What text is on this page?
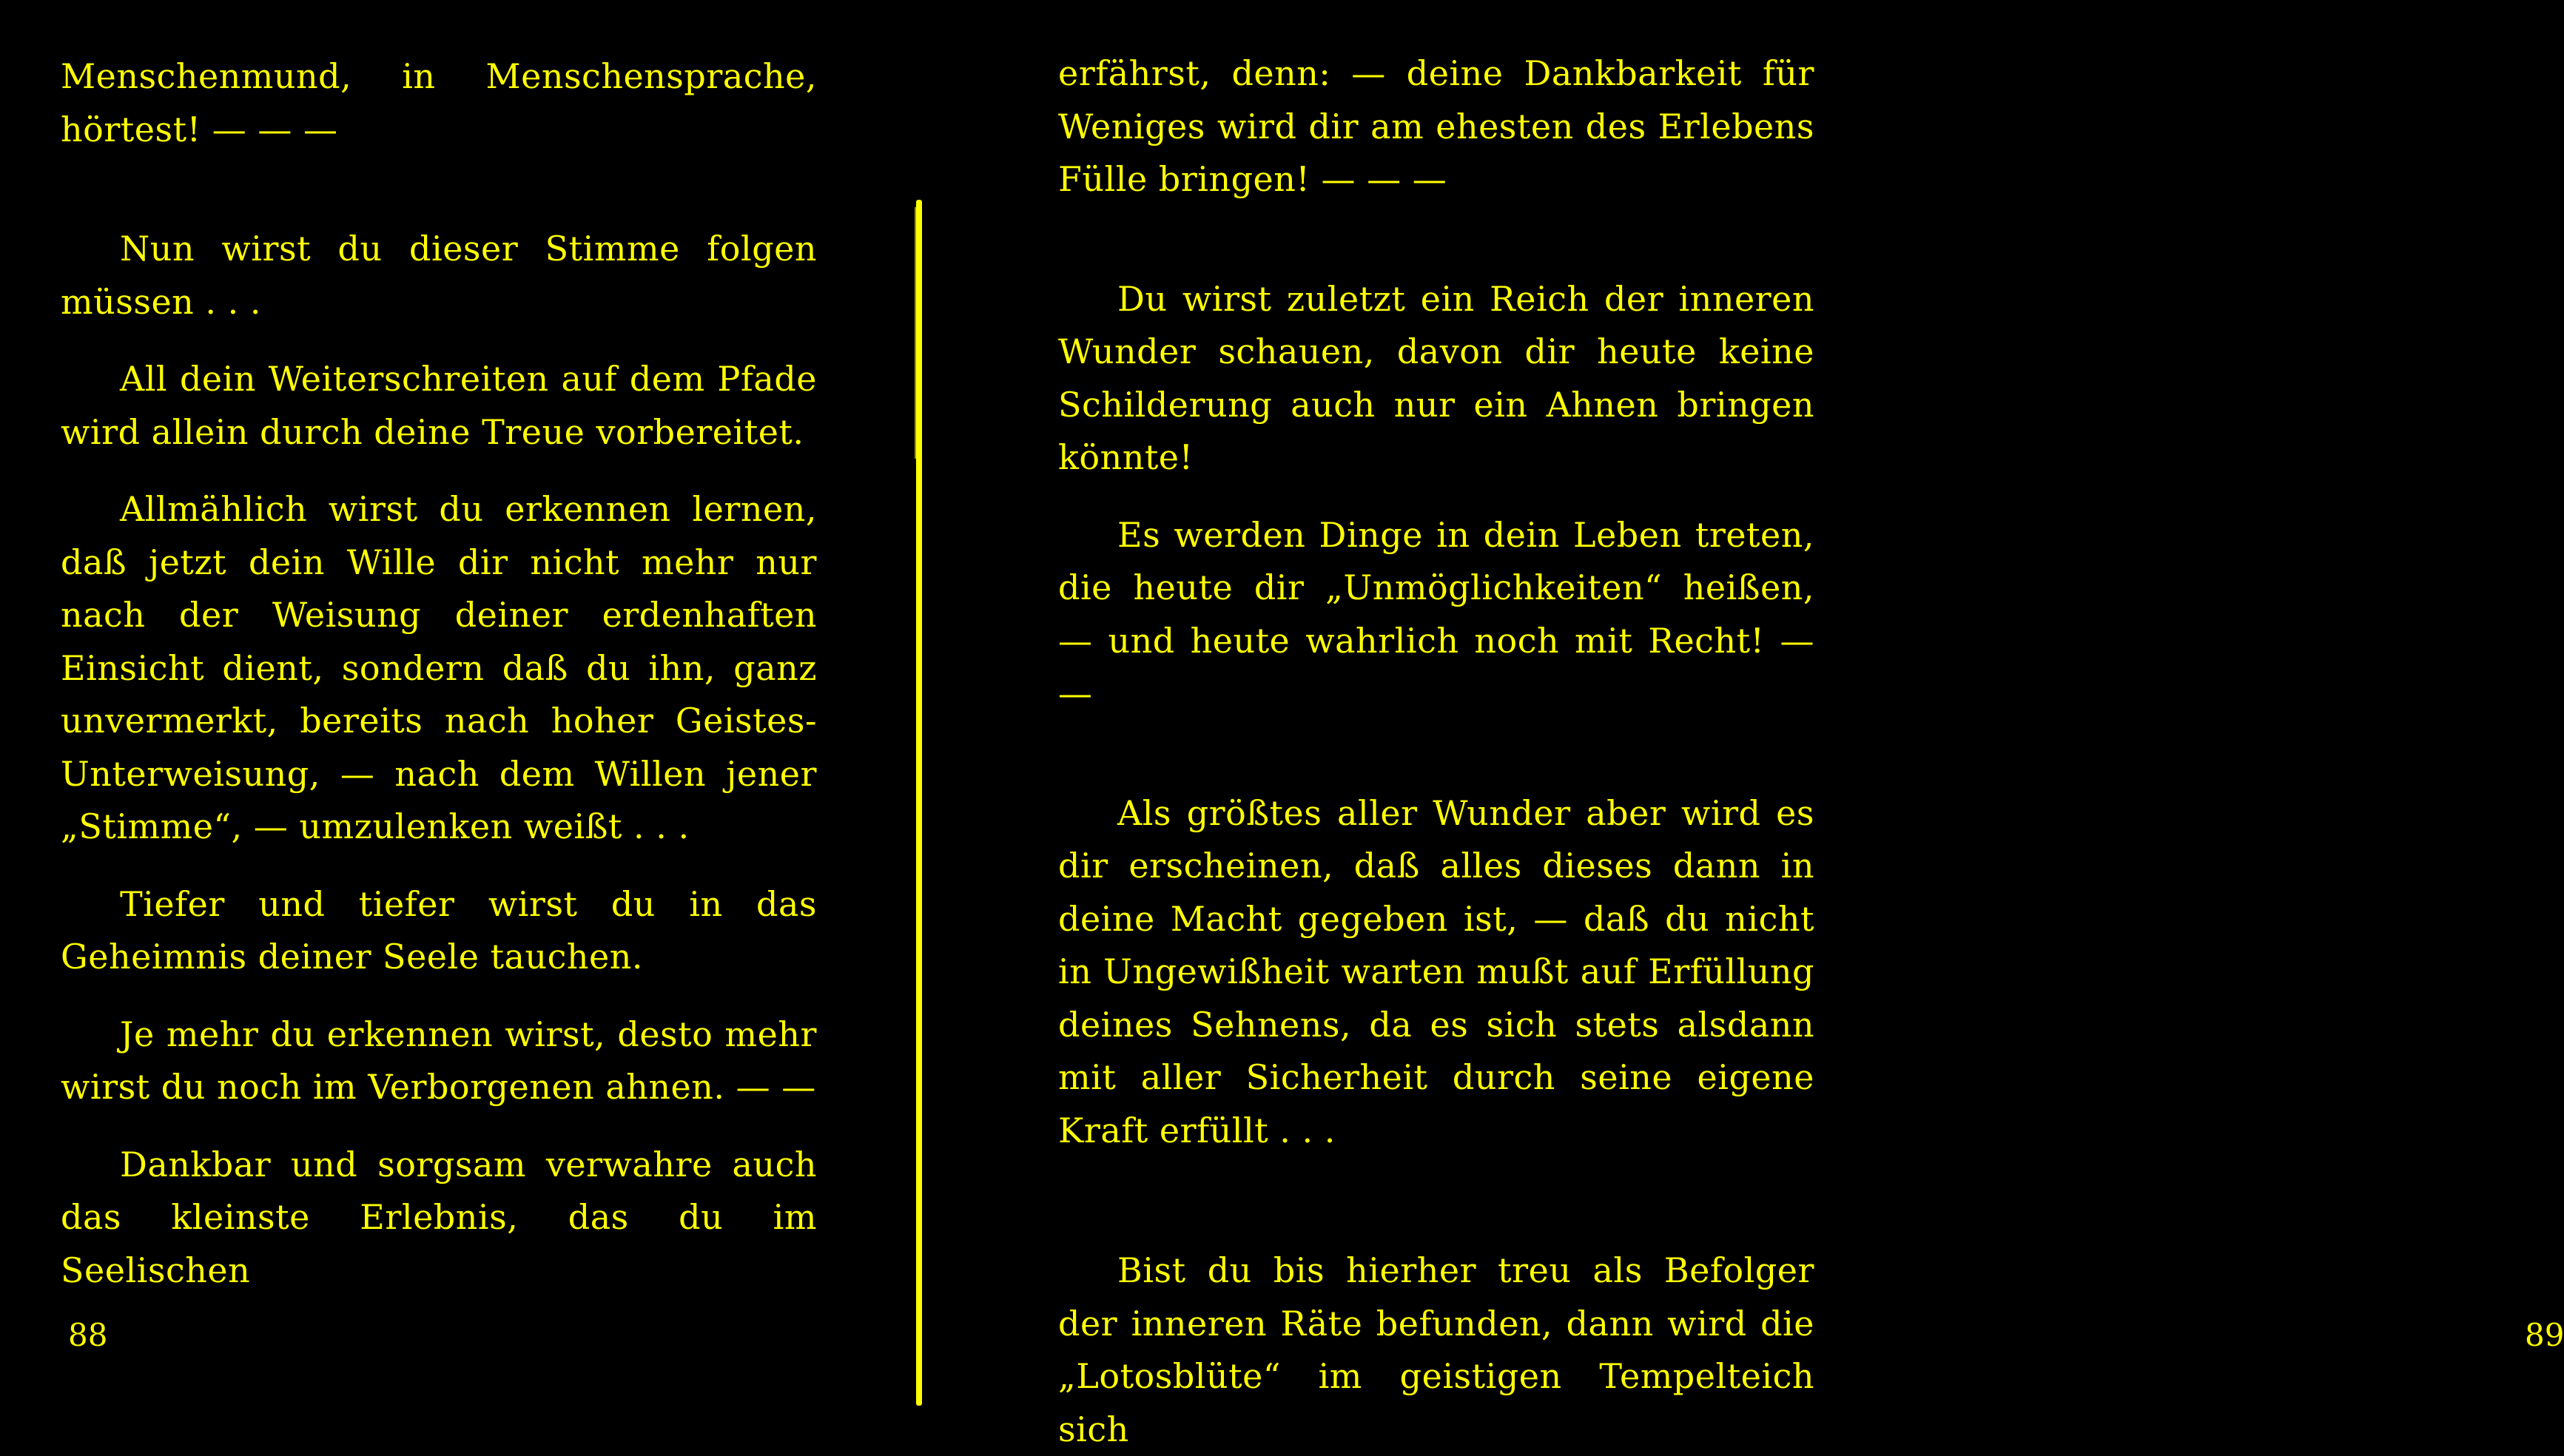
Menschenmund, in Menschensprache, hörtest! — — —

Nun wirst du dieser Stimme folgen müssen . . .

All dein Weiterschreiten auf dem Pfade wird allein durch deine Treue vorbereitet.

Allmählich wirst du erkennen lernen, daß jetzt dein Wille dir nicht mehr nur nach der Weisung deiner erdenhaften Einsicht dient, sondern daß du ihn, ganz unvermerkt, bereits nach hoher Geistes-Unterweisung, — nach dem Willen jener „Stimme“, — umzulenken weißt . . .

Tiefer und tiefer wirst du in das Geheimnis deiner Seele tauchen.

Je mehr du erkennen wirst, desto mehr wirst du noch im Verborgenen ahnen. — —

Dankbar und sorgsam verwahre auch das kleinste Erlebnis, das du im Seelischen

88

erfährst, denn: — deine Dankbarkeit für Weniges wird dir am ehesten des Erlebens Fülle bringen! — — —

Du wirst zuletzt ein Reich der inneren Wunder schauen, davon dir heute keine Schilderung auch nur ein Ahnen bringen könnte!

Es werden Dinge in dein Leben treten, die heute dir „Unmöglichkeiten“ heißen, — und heute wahrlich noch mit Recht! — —

Als größtes aller Wunder aber wird es dir erscheinen, daß alles dieses dann in deine Macht gegeben ist, — daß du nicht in Ungewißheit warten mußt auf Erfüllung deines Sehnens, da es sich stets alsdann mit aller Sicherheit durch seine eigene Kraft erfüllt . . .

Bist du bis hierher treu als Befolger der inneren Räte befunden, dann wird die „Lotosblüte“ im geistigen Tempelteich sich

89
